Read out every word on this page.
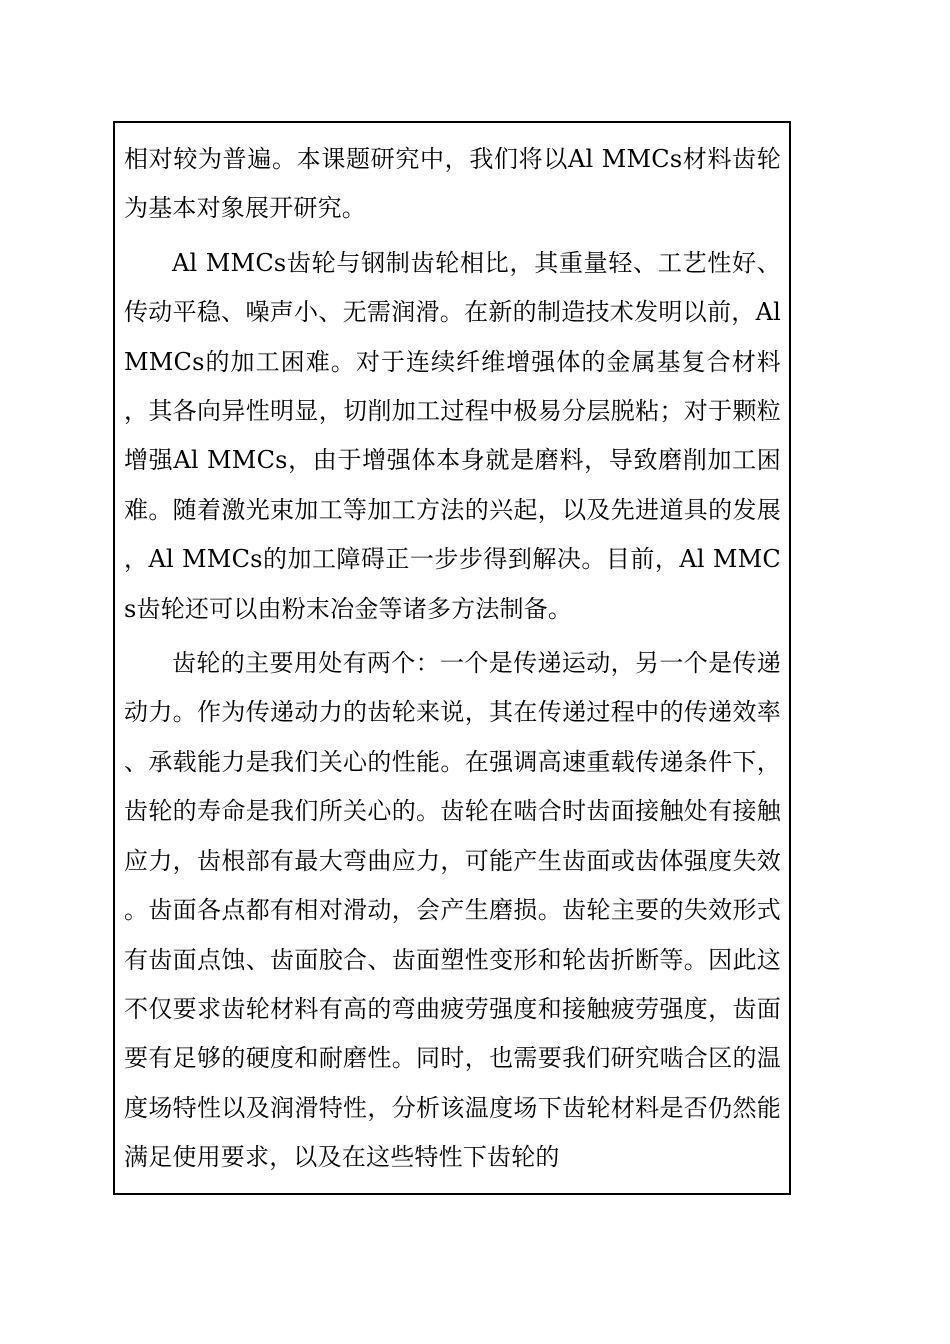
相对较为普遍。本课题研究中，我们将以Al MMCs材料齿轮为基本对象展开研究。

Al MMCs齿轮与钢制齿轮相比，其重量轻、工艺性好、传动平稳、噪声小、无需润滑。在新的制造技术发明以前，Al MMCs的加工困难。对于连续纤维增强体的金属基复合材料，其各向异性明显，切削加工过程中极易分层脱粘；对于颗粒增强Al MMCs，由于增强体本身就是磨料，导致磨削加工困难。随着激光束加工等加工方法的兴起，以及先进道具的发展，Al MMCs的加工障碍正一步步得到解决。目前，Al MMCs齿轮还可以由粉末冶金等诸多方法制备。

齿轮的主要用处有两个：一个是传递运动，另一个是传递动力。作为传递动力的齿轮来说，其在传递过程中的传递效率、承载能力是我们关心的性能。在强调高速重载传递条件下，齿轮的寿命是我们所关心的。齿轮在啮合时齿面接触处有接触应力，齿根部有最大弯曲应力，可能产生齿面或齿体强度失效。齿面各点都有相对滑动，会产生磨损。齿轮主要的失效形式有齿面点蚀、齿面胶合、齿面塑性变形和轮齿折断等。因此这不仅要求齿轮材料有高的弯曲疲劳强度和接触疲劳强度，齿面要有足够的硬度和耐磨性。同时，也需要我们研究啮合区的温度场特性以及润滑特性，分析该温度场下齿轮材料是否仍然能满足使用要求，以及在这些特性下齿轮的
